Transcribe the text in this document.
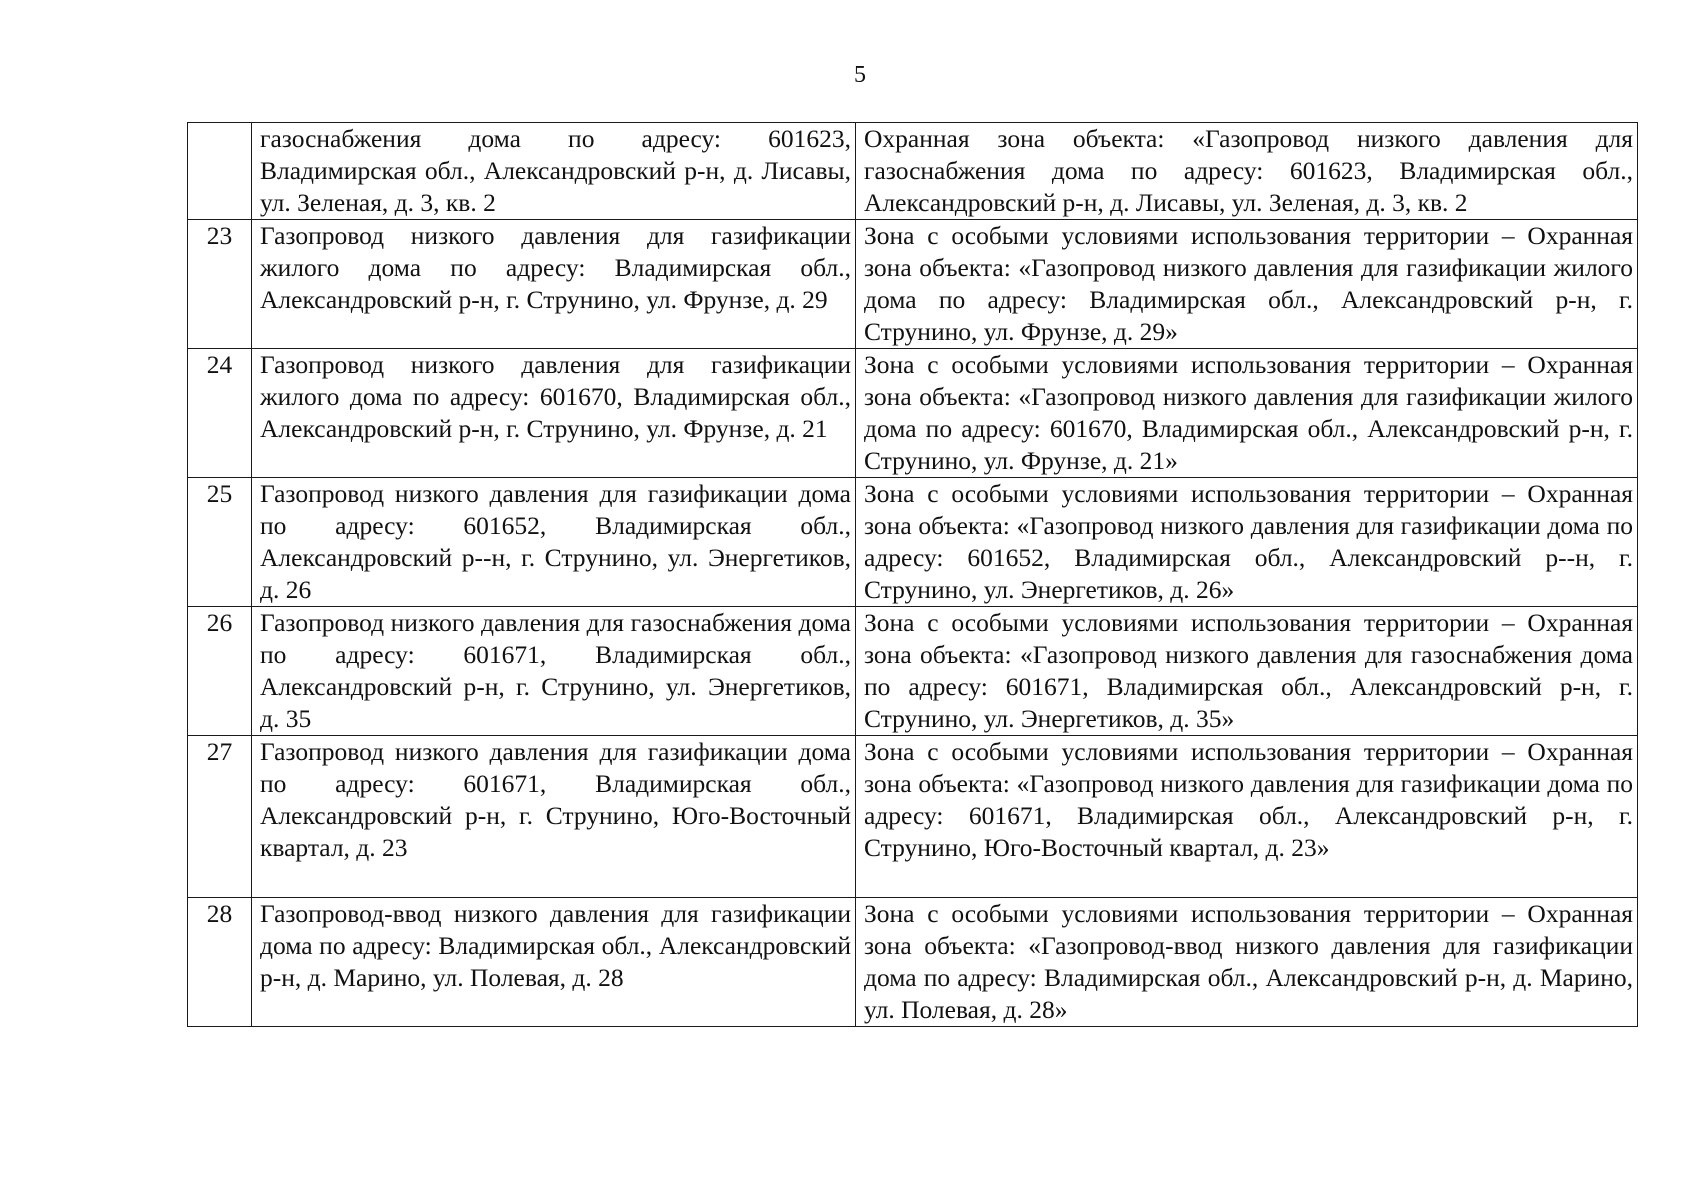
5
	газоснабжения дома по адресу: 601623, Владимирская обл., Александровский р-н, д. Лисавы, ул. Зеленая, д. 3, кв. 2	Охранная зона объекта: «Газопровод низкого давления для газоснабжения дома по адресу: 601623, Владимирская обл., Александровский р-н, д. Лисавы, ул. Зеленая, д. 3, кв. 2
23	Газопровод низкого давления для газификации жилого дома по адресу: Владимирская обл., Александровский р-н, г. Струнино, ул. Фрунзе, д. 29	Зона с особыми условиями использования территории – Охранная зона объекта: «Газопровод низкого давления для газификации жилого дома по адресу: Владимирская обл., Александровский р-н, г. Струнино, ул. Фрунзе, д. 29»
24	Газопровод низкого давления для газификации жилого дома по адресу: 601670, Владимирская обл., Александровский р-н, г. Струнино, ул. Фрунзе, д. 21	Зона с особыми условиями использования территории – Охранная зона объекта: «Газопровод низкого давления для газификации жилого дома по адресу: 601670, Владимирская обл., Александровский р-н, г. Струнино, ул. Фрунзе, д. 21»
25	Газопровод низкого давления для газификации дома по адресу: 601652, Владимирская обл., Александровский р--н, г. Струнино, ул. Энергетиков, д. 26	Зона с особыми условиями использования территории – Охранная зона объекта: «Газопровод низкого давления для газификации дома по адресу: 601652, Владимирская обл., Александровский р--н, г. Струнино, ул. Энергетиков, д. 26»
26	Газопровод низкого давления для газоснабжения дома по адресу: 601671, Владимирская обл., Александровский р-н, г. Струнино, ул. Энергетиков, д. 35	Зона с особыми условиями использования территории – Охранная зона объекта: «Газопровод низкого давления для газоснабжения дома по адресу: 601671, Владимирская обл., Александровский р-н, г. Струнино, ул. Энергетиков, д. 35»
27	Газопровод низкого давления для газификации дома по адресу: 601671, Владимирская обл., Александровский р-н, г. Струнино, Юго-Восточный квартал, д. 23	Зона с особыми условиями использования территории – Охранная зона объекта: «Газопровод низкого давления для газификации дома по адресу: 601671, Владимирская обл., Александровский р-н, г. Струнино, Юго-Восточный квартал, д. 23»
28	Газопровод-ввод низкого давления для газификации дома по адресу: Владимирская обл., Александровский р-н, д. Марино, ул. Полевая, д. 28	Зона с особыми условиями использования территории – Охранная зона объекта: «Газопровод-ввод низкого давления для газификации дома по адресу: Владимирская обл., Александровский р-н, д. Марино, ул. Полевая, д. 28»
